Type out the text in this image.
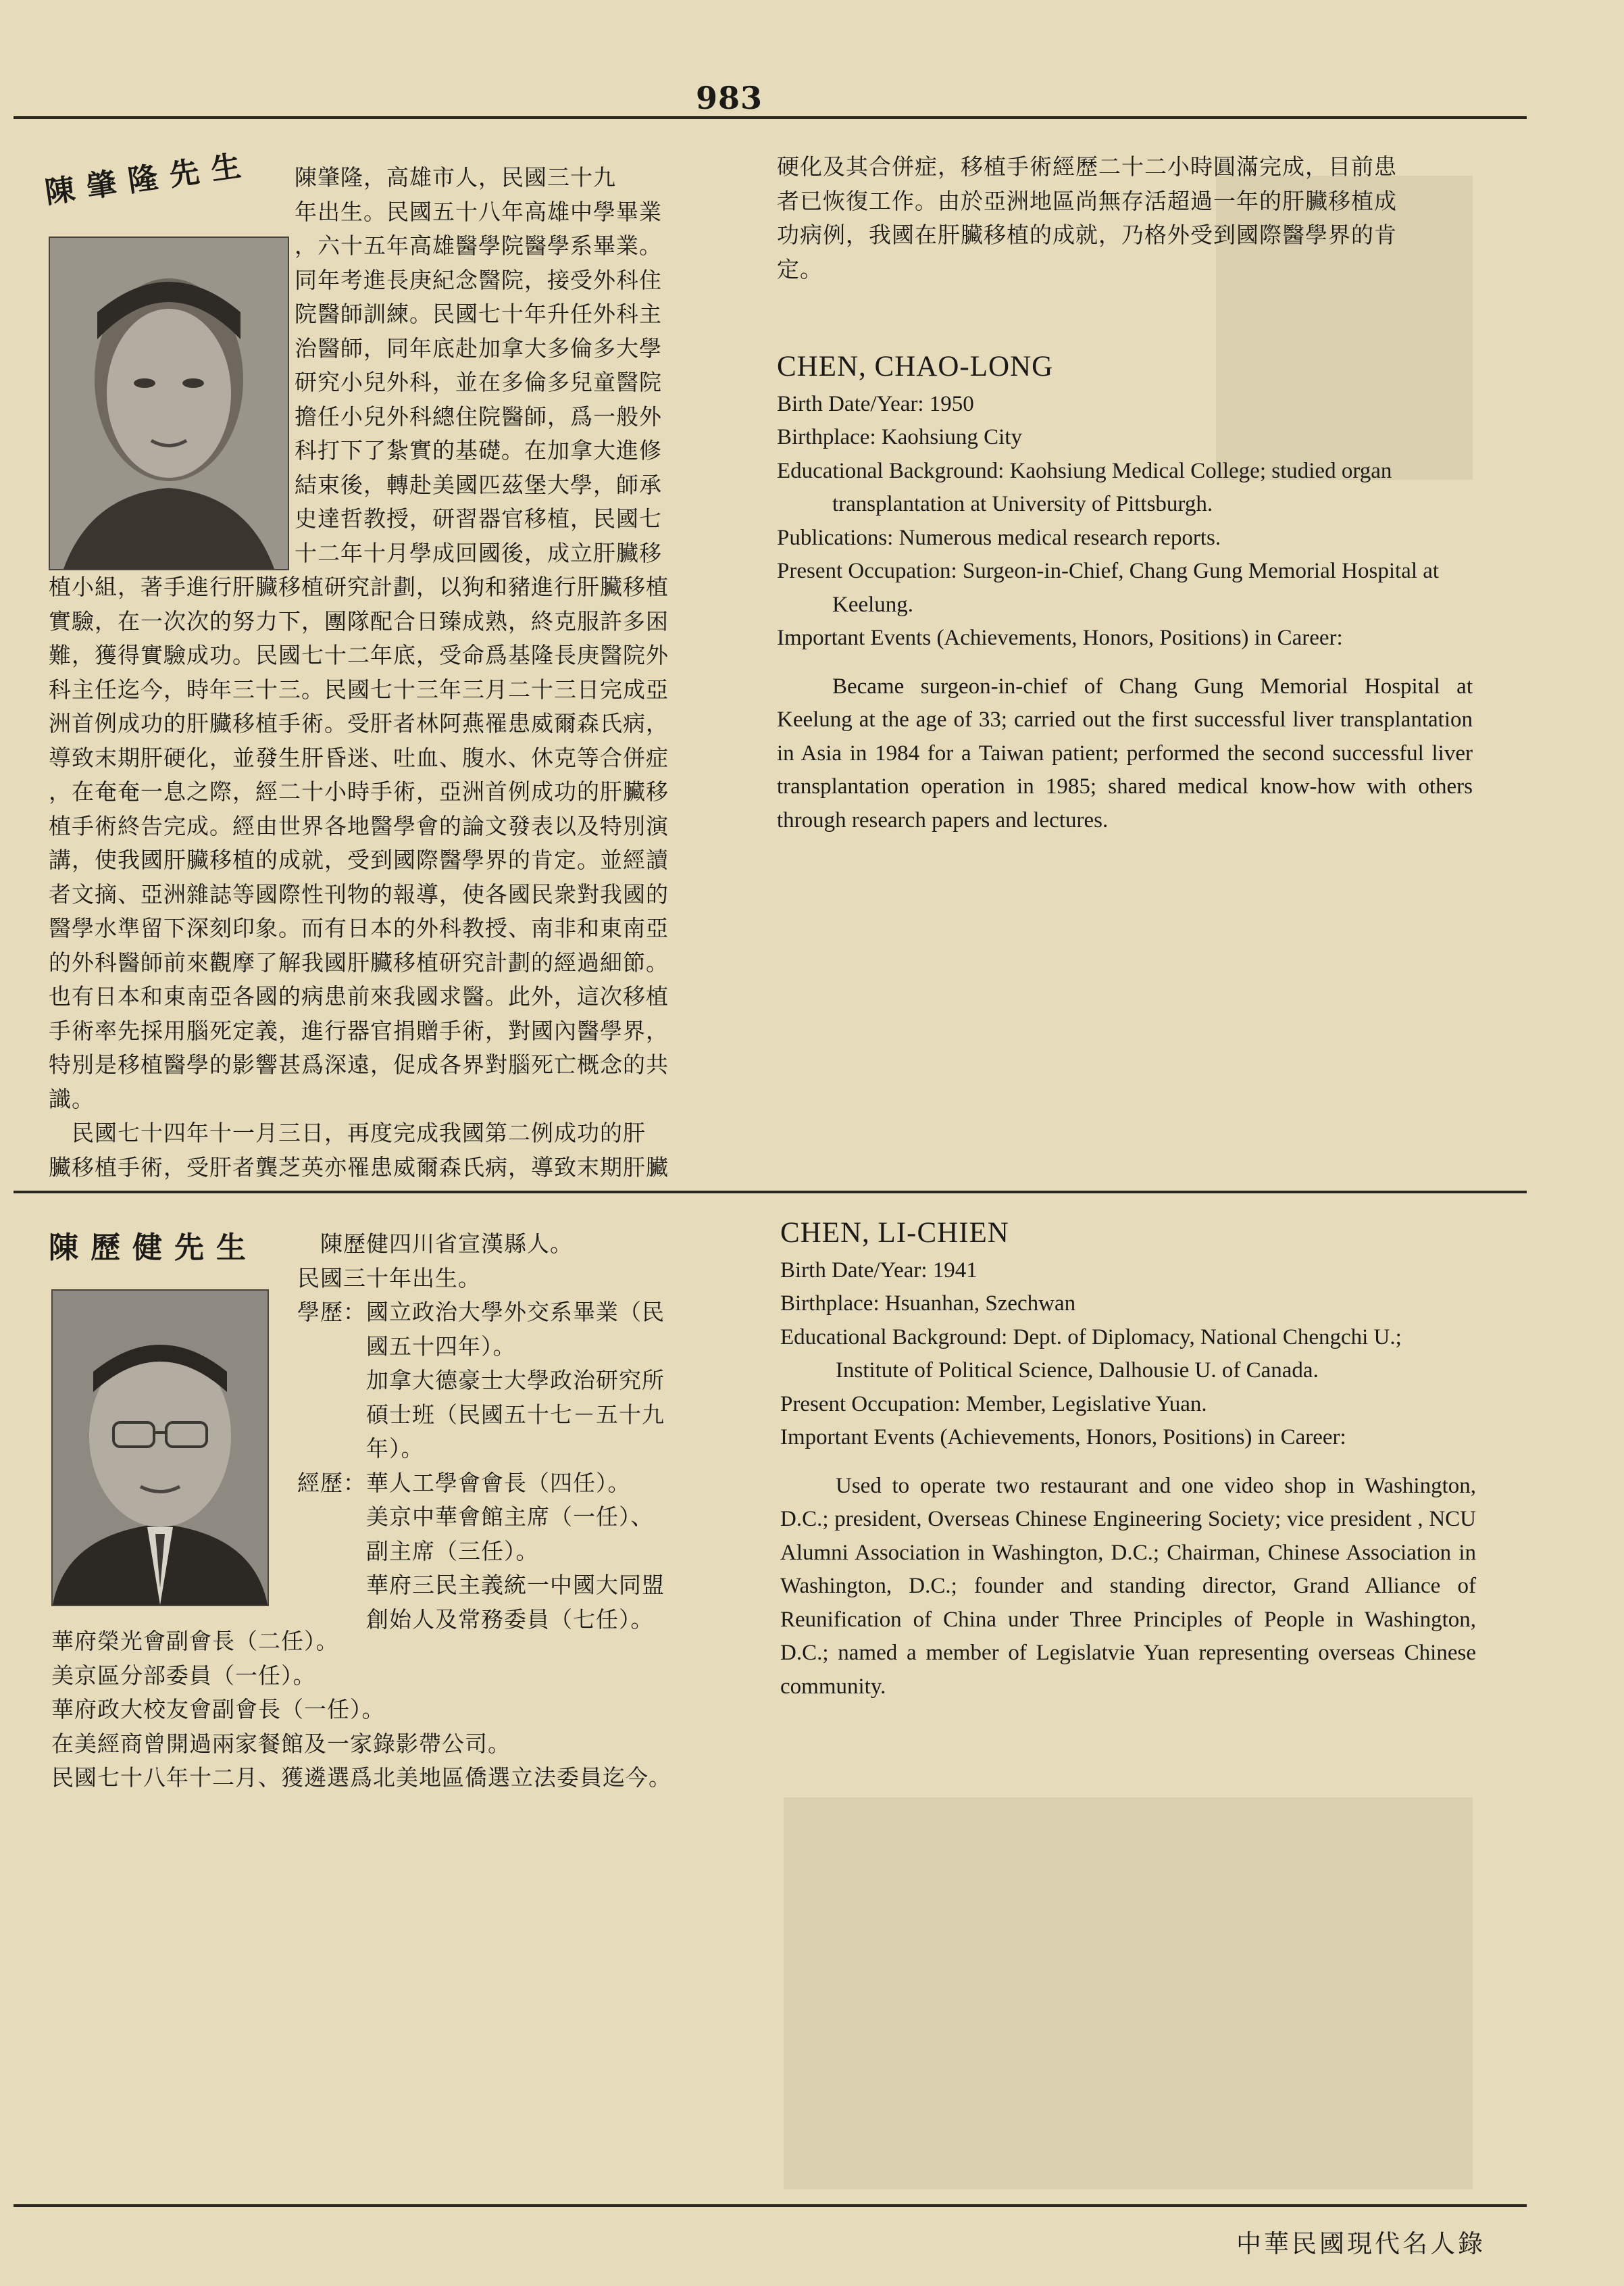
983
陳肇隆先生 陳肇隆，高雄市人，民國三十九
年出生。民國五十八年高雄中學畢業
，六十五年高雄醫學院醫學系畢業。
同年考進長庚紀念醫院，接受外科住
院醫師訓練。民國七十年升任外科主
治醫師，同年底赴加拿大多倫多大學
研究小兒外科，並在多倫多兒童醫院
擔任小兒外科總住院醫師，爲一般外
科打下了紮實的基礎。在加拿大進修
結束後，轉赴美國匹茲堡大學，師承
史達哲教授，研習器官移植，民國七
十二年十月學成回國後，成立肝臟移
植小組，著手進行肝臟移植研究計劃，以狗和豬進行肝臟移植
實驗，在一次次的努力下，團隊配合日臻成熟，終克服許多困
難，獲得實驗成功。民國七十二年底，受命爲基隆長庚醫院外
科主任迄今，時年三十三。民國七十三年三月二十三日完成亞
洲首例成功的肝臟移植手術。受肝者林阿燕罹患威爾森氏病，
導致末期肝硬化，並發生肝昏迷、吐血、腹水、休克等合併症
，在奄奄一息之際，經二十小時手術，亞洲首例成功的肝臟移
植手術終告完成。經由世界各地醫學會的論文發表以及特別演
講，使我國肝臟移植的成就，受到國際醫學界的肯定。並經讀
者文摘、亞洲雜誌等國際性刊物的報導，使各國民衆對我國的
醫學水準留下深刻印象。而有日本的外科教授、南非和東南亞
的外科醫師前來觀摩了解我國肝臟移植研究計劃的經過細節。
也有日本和東南亞各國的病患前來我國求醫。此外，這次移植
手術率先採用腦死定義，進行器官捐贈手術，對國內醫學界，
特別是移植醫學的影響甚爲深遠，促成各界對腦死亡概念的共
識。
　民國七十四年十一月三日，再度完成我國第二例成功的肝
臟移植手術，受肝者龔芝英亦罹患威爾森氏病，導致末期肝臟
硬化及其合併症，移植手術經歷二十二小時圓滿完成，目前患
者已恢復工作。由於亞洲地區尚無存活超過一年的肝臟移植成
功病例，我國在肝臟移植的成就，乃格外受到國際醫學界的肯
定。
CHEN, CHAO-LONG

Birth Date/Year: 1950

Birthplace: Kaohsiung City

Educational Background: Kaohsiung Medical College; studied organ transplantation at University of Pittsburgh.

Publications: Numerous medical research reports.

Present Occupation: Surgeon-in-Chief, Chang Gung Memorial Hospital at Keelung.

Important Events (Achievements, Honors, Positions) in Career:

Became surgeon-in-chief of Chang Gung Memorial Hospital at Keelung at the age of 33; carried out the first successful liver transplantation in Asia in 1984 for a Taiwan patient; performed the second successful liver transplantation operation in 1985; shared medical know-how with others through research papers and lectures.

陳歷健先生	　陳歷健四川省宣漢縣人。
民國三十年出生。
學歷：國立政治大學外交系畢業（民
　　　國五十四年）。
　　　加拿大德豪士大學政治研究所
　　　碩士班（民國五十七－五十九
　　　年）。
經歷：華人工學會會長（四任）。
　　　美京中華會館主席（一任）、
　　　副主席（三任）。
　　　華府三民主義統一中國大同盟
　　　創始人及常務委員（七任）。
華府榮光會副會長（二任）。
美京區分部委員（一任）。
華府政大校友會副會長（一任）。
在美經商曾開過兩家餐館及一家錄影帶公司。
民國七十八年十二月、獲遴選爲北美地區僑選立法委員迄今。
CHEN, LI-CHIEN

Birth Date/Year: 1941

Birthplace: Hsuanhan, Szechwan

Educational Background: Dept. of Diplomacy, National Chengchi U.; Institute of Political Science, Dalhousie U. of Canada.

Present Occupation: Member, Legislative Yuan.

Important Events (Achievements, Honors, Positions) in Career:

Used to operate two restaurant and one video shop in Washington, D.C.; president, Overseas Chinese Engineering Society; vice president , NCU Alumni Association in Washington, D.C.; Chairman, Chinese Association in Washington, D.C.; founder and standing director, Grand Alliance of Reunification of China under Three Principles of People in Washington, D.C.; named a member of Legislatvie Yuan representing overseas Chinese community.

中華民國現代名人錄
